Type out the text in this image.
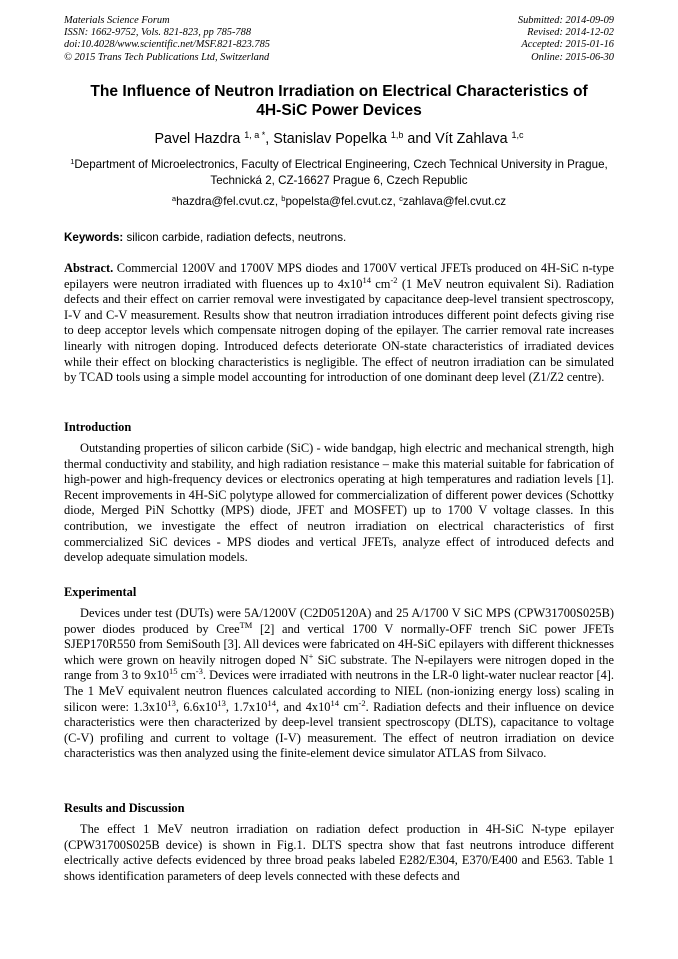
Materials Science Forum
ISSN: 1662-9752, Vols. 821-823, pp 785-788
doi:10.4028/www.scientific.net/MSF.821-823.785
© 2015 Trans Tech Publications Ltd, Switzerland
Submitted: 2014-09-09
Revised: 2014-12-02
Accepted: 2015-01-16
Online: 2015-06-30
The Influence of Neutron Irradiation on Electrical Characteristics of
4H-SiC Power Devices
Pavel Hazdra $^{1, a *}$, Stanislav Popelka $^{1,b}$ and Vít Zahlava $^{1,c}$
$^1$Department of Microelectronics, Faculty of Electrical Engineering, Czech Technical University in Prague, Technická 2, CZ-16627 Prague 6, Czech Republic
$^a$hazdra@fel.cvut.cz, $^b$popelsta@fel.cvut.cz, $^c$zahlava@fel.cvut.cz
Keywords: silicon carbide, radiation defects, neutrons.
Abstract. Commercial 1200V and 1700V MPS diodes and 1700V vertical JFETs produced on 4H-SiC n-type epilayers were neutron irradiated with fluences up to $4x10^{14}$ $cm^{-2}$ (1 MeV neutron equivalent Si). Radiation defects and their effect on carrier removal were investigated by capacitance deep-level transient spectroscopy, I-V and C-V measurement. Results show that neutron irradiation introduces different point defects giving rise to deep acceptor levels which compensate nitrogen doping of the epilayer. The carrier removal rate increases linearly with nitrogen doping. Introduced defects deteriorate ON-state characteristics of irradiated devices while their effect on blocking characteristics is negligible. The effect of neutron irradiation can be simulated by TCAD tools using a simple model accounting for introduction of one dominant deep level (Z1/Z2 centre).
Introduction
Outstanding properties of silicon carbide (SiC) - wide bandgap, high electric and mechanical strength, high thermal conductivity and stability, and high radiation resistance – make this material suitable for fabrication of high-power and high-frequency devices or electronics operating at high temperatures and radiation levels [1]. Recent improvements in 4H-SiC polytype allowed for commercialization of different power devices (Schottky diode, Merged PiN Schottky (MPS) diode, JFET and MOSFET) up to 1700 V voltage classes. In this contribution, we investigate the effect of neutron irradiation on electrical characteristics of first commercialized SiC devices - MPS diodes and vertical JFETs, analyze effect of introduced defects and develop adequate simulation models.
Experimental
Devices under test (DUTs) were 5A/1200V (C2D05120A) and 25 A/1700 V SiC MPS (CPW31700S025B) power diodes produced by Cree™ [2] and vertical 1700 V normally-OFF trench SiC power JFETs SJEP170R550 from SemiSouth [3]. All devices were fabricated on 4H-SiC epilayers with different thicknesses which were grown on heavily nitrogen doped N+ SiC substrate. The N-epilayers were nitrogen doped in the range from 3 to $9x10^{15}$ $cm^{-3}$. Devices were irradiated with neutrons in the LR-0 light-water nuclear reactor [4]. The 1 MeV equivalent neutron fluences calculated according to NIEL (non-ionizing energy loss) scaling in silicon were: $1.3x10^{13}$, $6.6x10^{13}$, $1.7x10^{14}$, and $4x10^{14}$ $cm^{-2}$. Radiation defects and their influence on device characteristics were then characterized by deep-level transient spectroscopy (DLTS), capacitance to voltage (C-V) profiling and current to voltage (I-V) measurement. The effect of neutron irradiation on device characteristics was then analyzed using the finite-element device simulator ATLAS from Silvaco.
Results and Discussion
The effect 1 MeV neutron irradiation on radiation defect production in 4H-SiC N-type epilayer (CPW31700S025B device) is shown in Fig.1. DLTS spectra show that fast neutrons introduce different electrically active defects evidenced by three broad peaks labeled E282/E304, E370/E400 and E563. Table 1 shows identification parameters of deep levels connected with these defects and
